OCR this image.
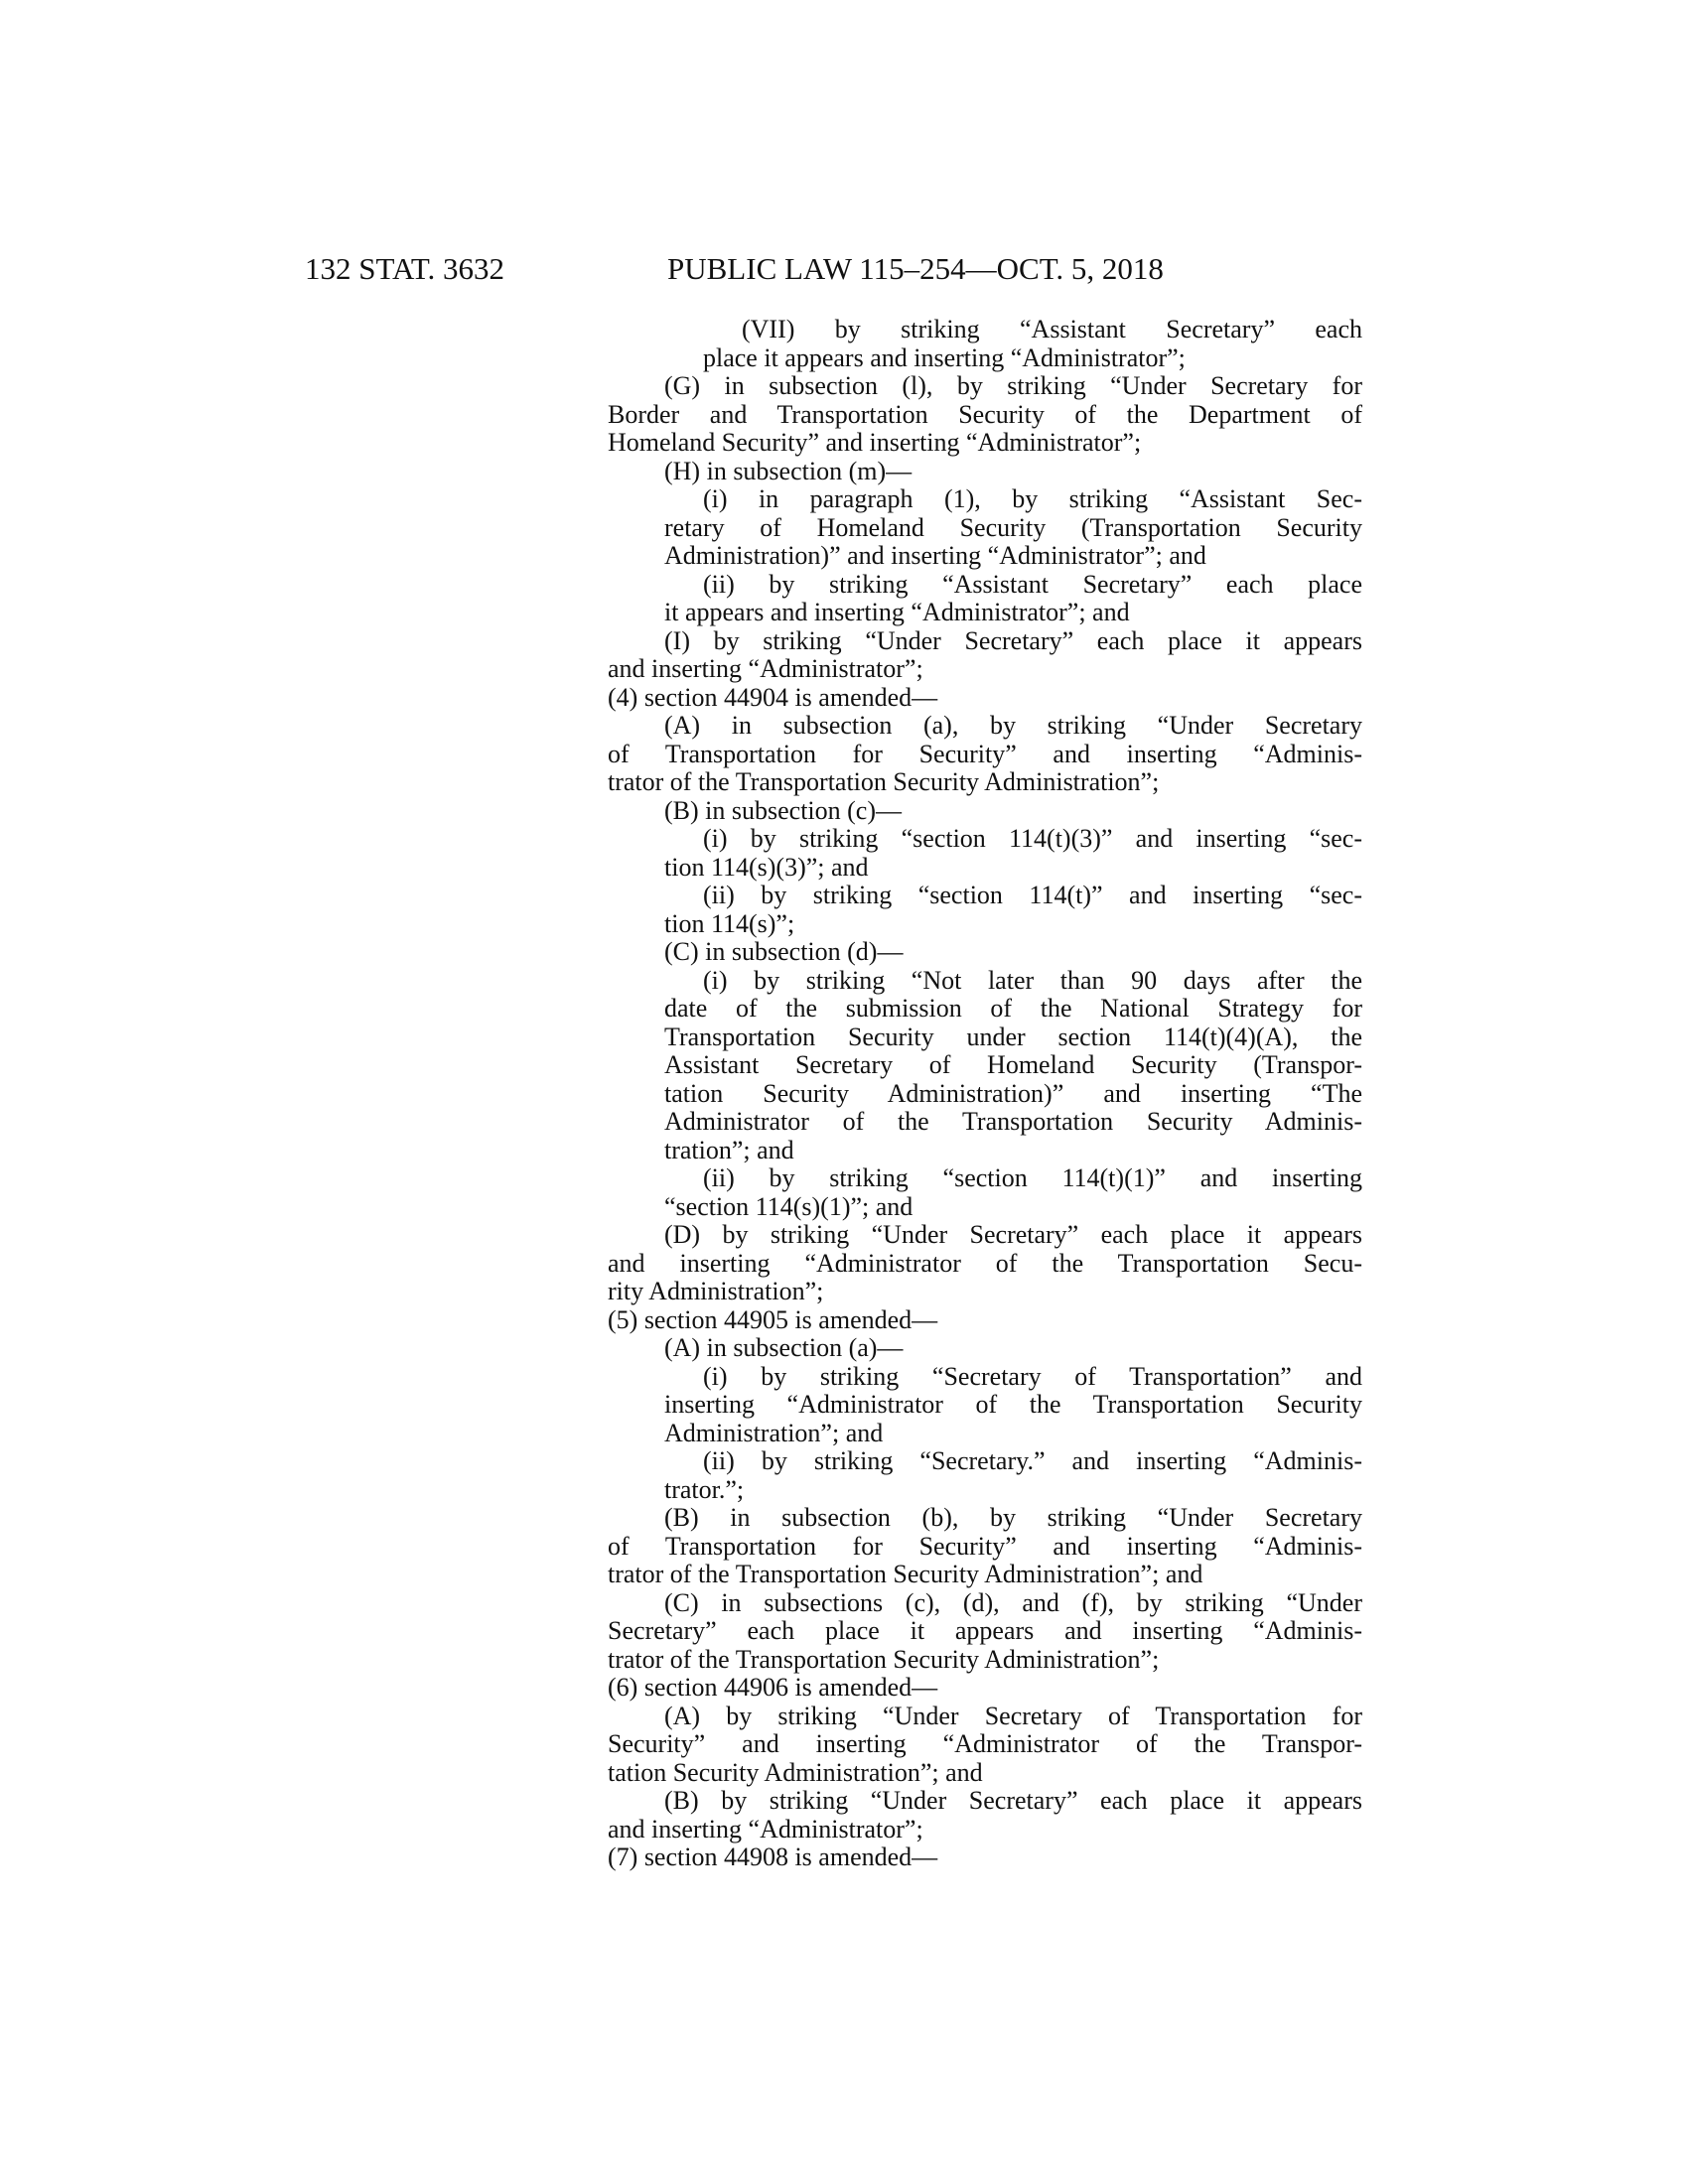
132 STAT. 3632	PUBLIC LAW 115–254—OCT. 5, 2018
(VII) by striking “Assistant Secretary” each
place it appears and inserting “Administrator”;
(G) in subsection (l), by striking “Under Secretary for
Border and Transportation Security of the Department of
Homeland Security” and inserting “Administrator”;
(H) in subsection (m)—
(i) in paragraph (1), by striking “Assistant Sec-
retary of Homeland Security (Transportation Security
Administration)” and inserting “Administrator”; and
(ii) by striking “Assistant Secretary” each place
it appears and inserting “Administrator”; and
(I) by striking “Under Secretary” each place it appears
and inserting “Administrator”;
(4) section 44904 is amended—
(A) in subsection (a), by striking “Under Secretary
of Transportation for Security” and inserting “Adminis-
trator of the Transportation Security Administration”;
(B) in subsection (c)—
(i) by striking “section 114(t)(3)” and inserting “sec-
tion 114(s)(3)”; and
(ii) by striking “section 114(t)” and inserting “sec-
tion 114(s)”;
(C) in subsection (d)—
(i) by striking “Not later than 90 days after the
date of the submission of the National Strategy for
Transportation Security under section 114(t)(4)(A), the
Assistant Secretary of Homeland Security (Transpor-
tation Security Administration)” and inserting “The
Administrator of the Transportation Security Adminis-
tration”; and
(ii) by striking “section 114(t)(1)” and inserting
“section 114(s)(1)”; and
(D) by striking “Under Secretary” each place it appears
and inserting “Administrator of the Transportation Secu-
rity Administration”;
(5) section 44905 is amended—
(A) in subsection (a)—
(i) by striking “Secretary of Transportation” and
inserting “Administrator of the Transportation Security
Administration”; and
(ii) by striking “Secretary.” and inserting “Adminis-
trator.”;
(B) in subsection (b), by striking “Under Secretary
of Transportation for Security” and inserting “Adminis-
trator of the Transportation Security Administration”; and
(C) in subsections (c), (d), and (f), by striking “Under
Secretary” each place it appears and inserting “Adminis-
trator of the Transportation Security Administration”;
(6) section 44906 is amended—
(A) by striking “Under Secretary of Transportation for
Security” and inserting “Administrator of the Transpor-
tation Security Administration”; and
(B) by striking “Under Secretary” each place it appears
and inserting “Administrator”;
(7) section 44908 is amended—
